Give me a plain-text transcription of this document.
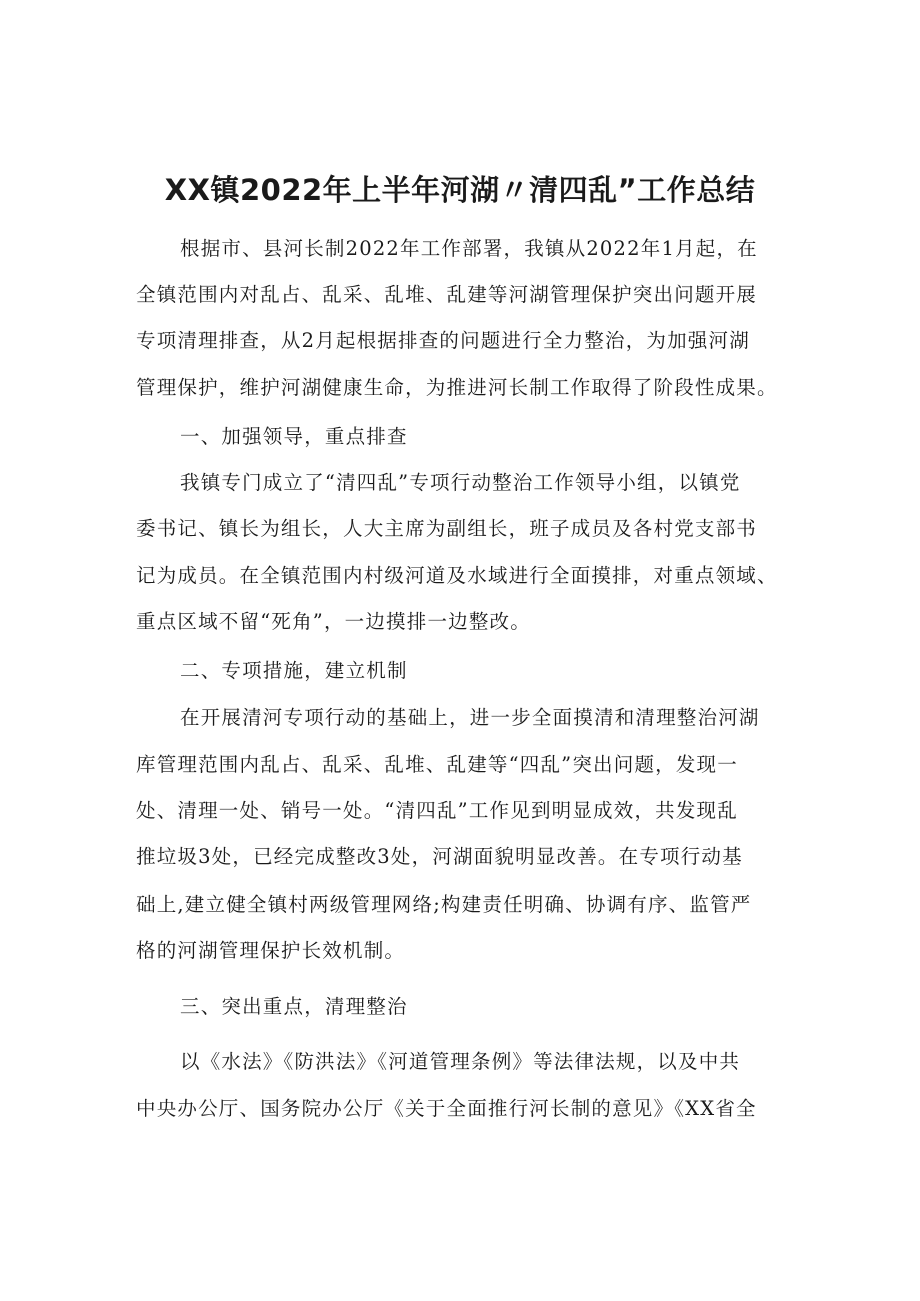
XX镇2022年上半年河湖〃清四乱”工作总结
根据市、县河长制2022年工作部署，我镇从2022年1月起，在
全镇范围内对乱占、乱采、乱堆、乱建等河湖管理保护突出问题开展
专项清理排查，从2月起根据排查的问题进行全力整治，为加强河湖
管理保护，维护河湖健康生命，为推进河长制工作取得了阶段性成果。
一、加强领导，重点排查
我镇专门成立了“清四乱”专项行动整治工作领导小组，以镇党
委书记、镇长为组长，人大主席为副组长，班子成员及各村党支部书
记为成员。在全镇范围内村级河道及水域进行全面摸排，对重点领域、
重点区域不留“死角”，一边摸排一边整改。
二、专项措施，建立机制
在开展清河专项行动的基础上，进一步全面摸清和清理整治河湖
库管理范围内乱占、乱采、乱堆、乱建等“四乱”突出问题，发现一
处、清理一处、销号一处。“清四乱”工作见到明显成效，共发现乱
推垃圾3处，已经完成整改3处，河湖面貌明显改善。在专项行动基
础上,建立健全镇村两级管理网络;构建责任明确、协调有序、监管严
格的河湖管理保护长效机制。
三、突出重点，清理整治
以《水法》《防洪法》《河道管理条例》等法律法规，以及中共
中央办公厅、国务院办公厅《关于全面推行河长制的意见》《XX省全
